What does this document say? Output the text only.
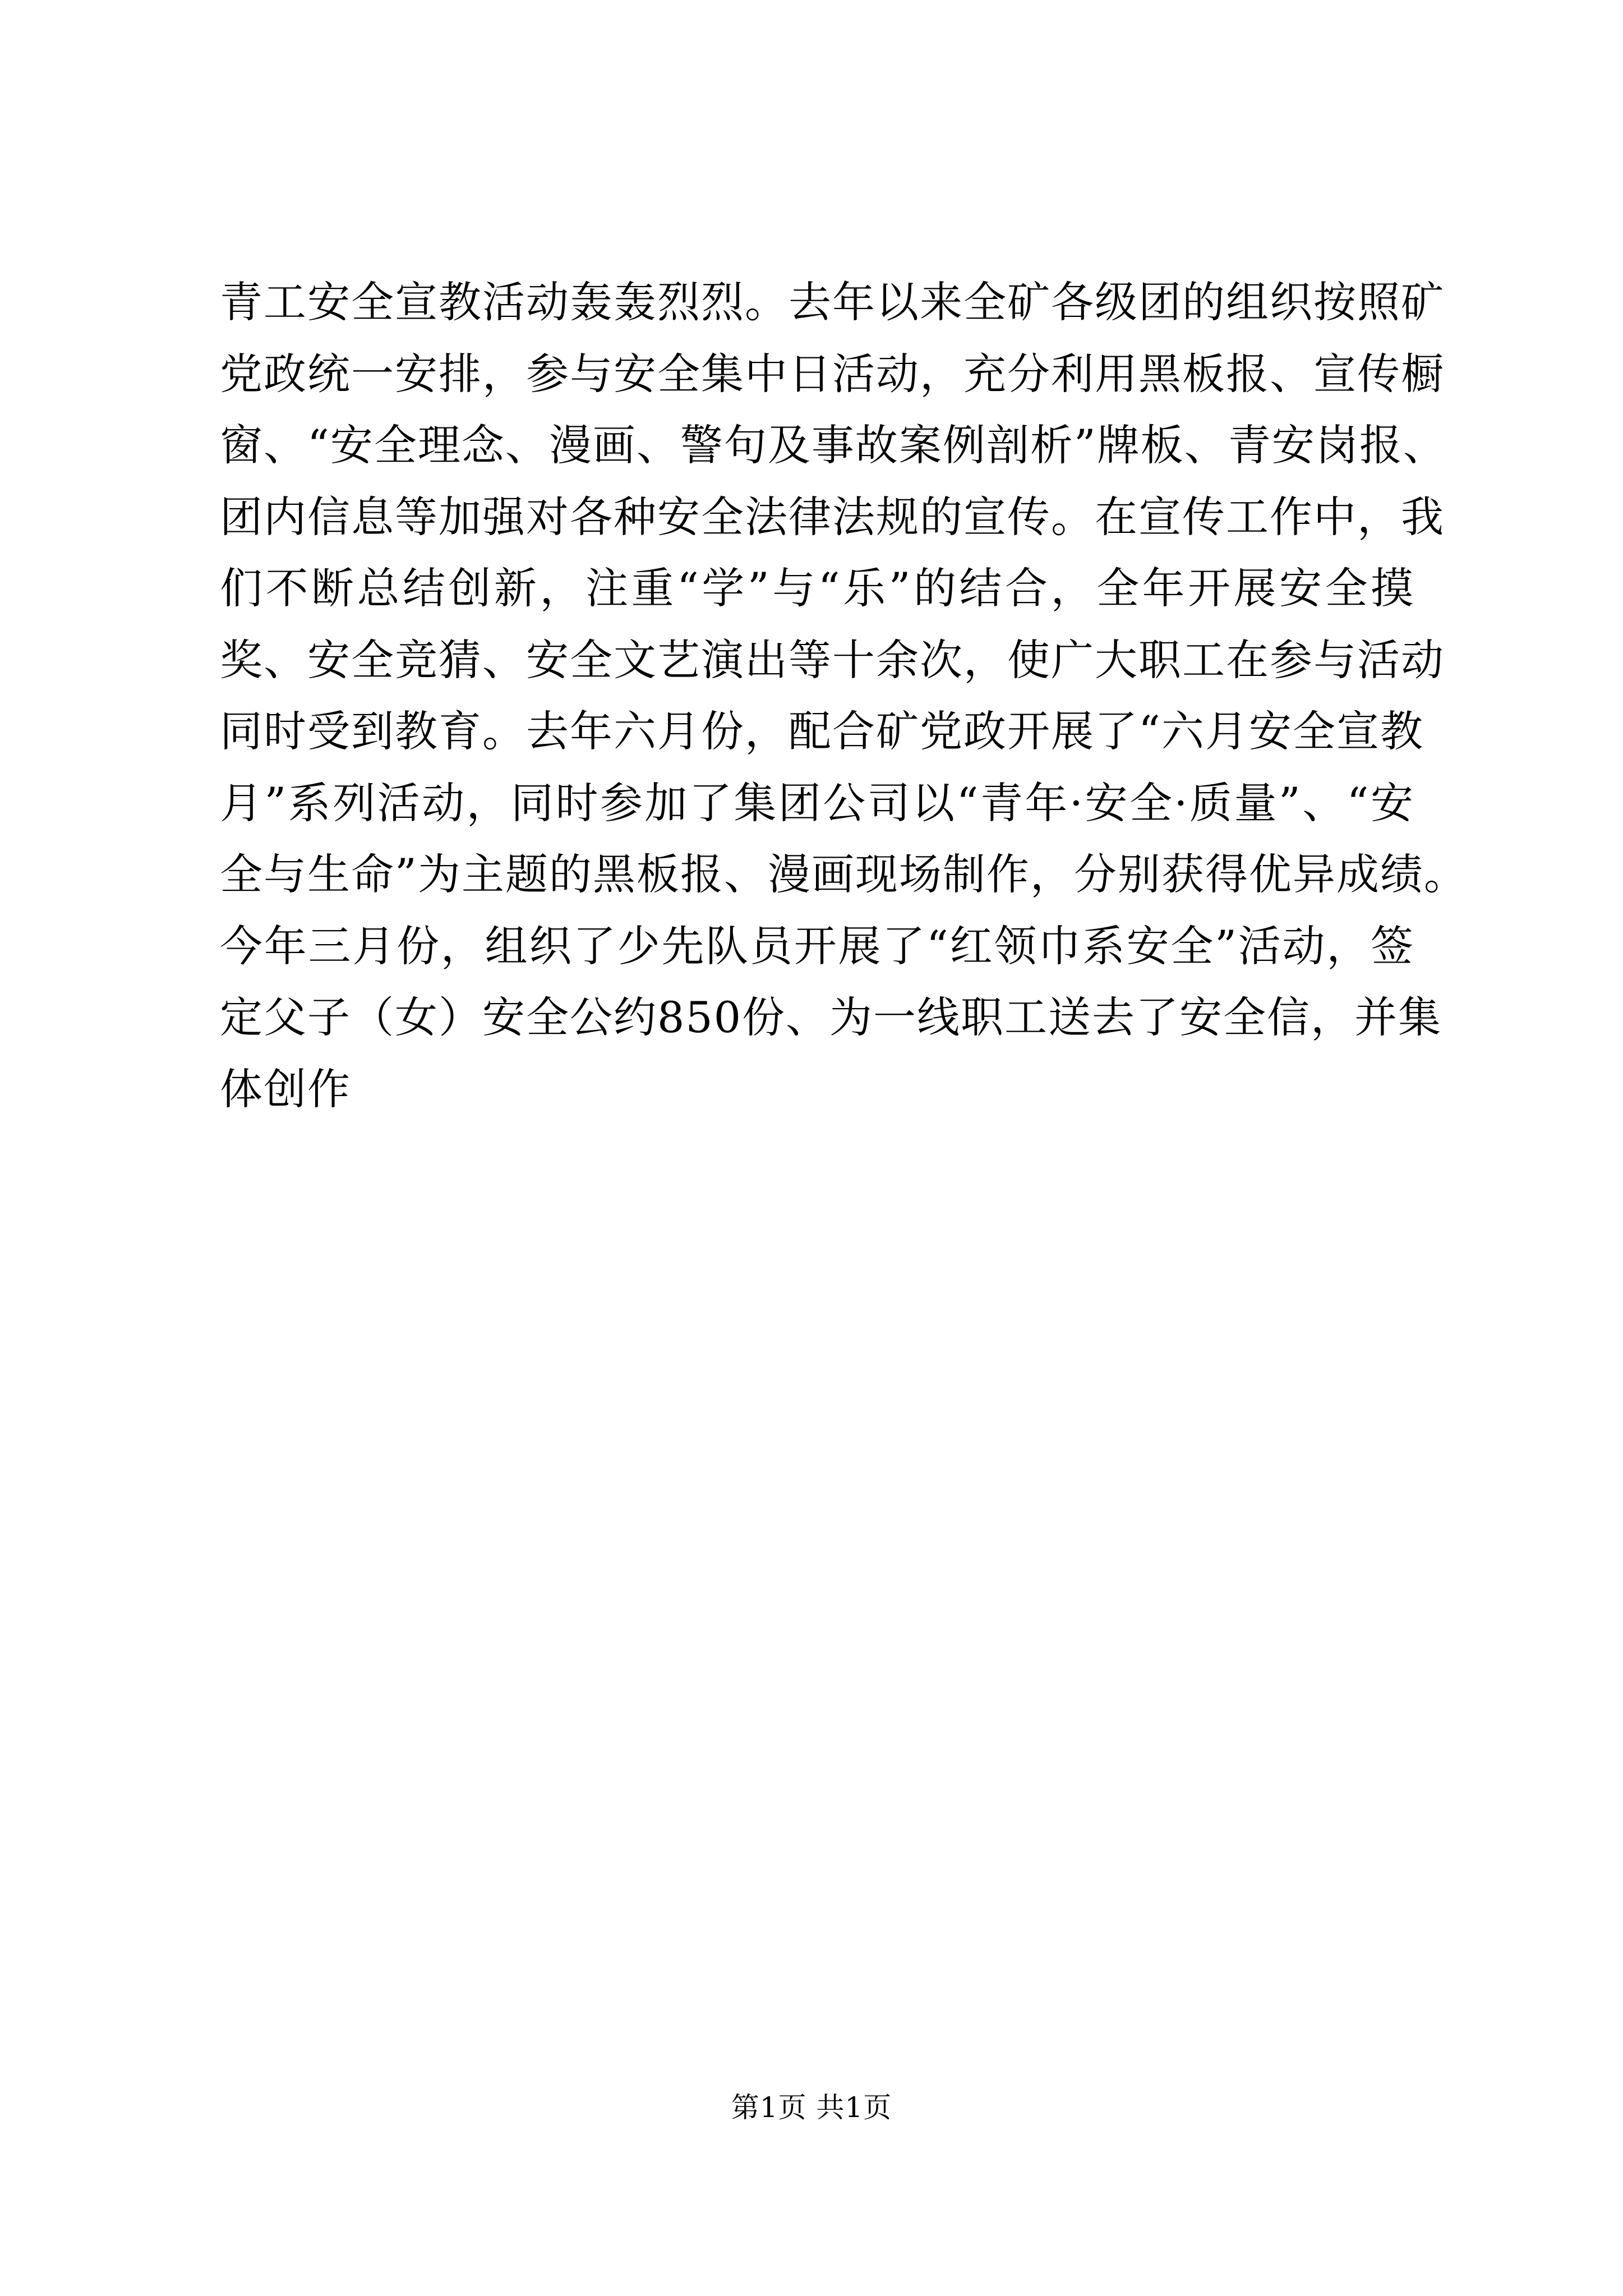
青工安全宣教活动轰轰烈烈。去年以来全矿各级团的组织按照矿
党政统一安排，参与安全集中日活动，充分利用黑板报、宣传橱
窗、“安全理念、漫画、警句及事故案例剖析”牌板、青安岗报、
团内信息等加强对各种安全法律法规的宣传。在宣传工作中，我
们不断总结创新，注重“学”与“乐”的结合，全年开展安全摸
奖、安全竞猜、安全文艺演出等十余次，使广大职工在参与活动
同时受到教育。去年六月份，配合矿党政开展了“六月安全宣教
月”系列活动，同时参加了集团公司以“青年·安全·质量”、“安
全与生命”为主题的黑板报、漫画现场制作，分别获得优异成绩。
今年三月份，组织了少先队员开展了“红领巾系安全”活动，签
定父子（女）安全公约850份、为一线职工送去了安全信，并集
体创作
第1页 共1页
